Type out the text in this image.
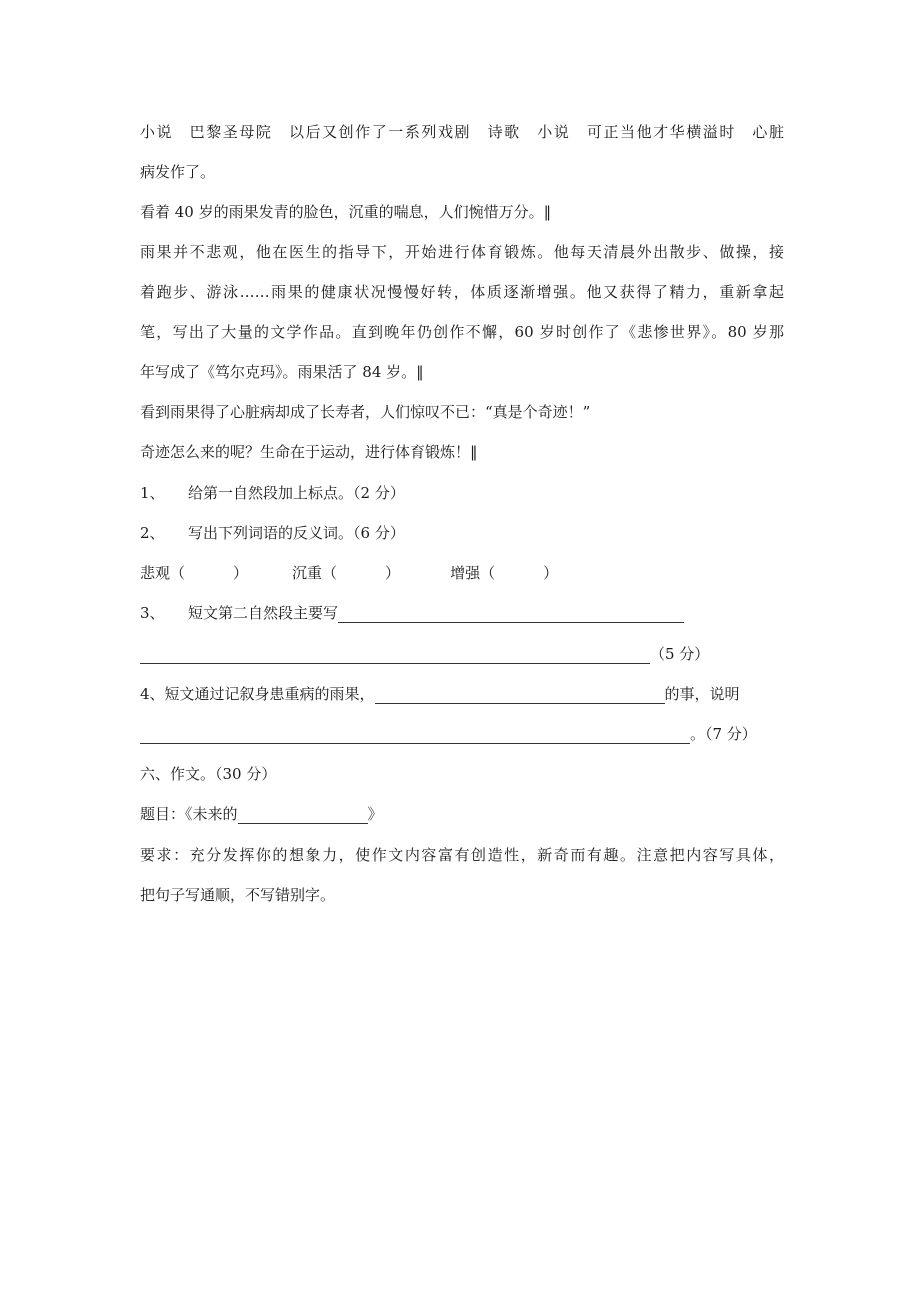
小说　巴黎圣母院　以后又创作了一系列戏剧　诗歌　小说　可正当他才华横溢时　心脏
病发作了。
看着 40 岁的雨果发青的脸色，沉重的喘息，人们惋惜万分。‖
雨果并不悲观，他在医生的指导下，开始进行体育锻炼。他每天清晨外出散步、做操，接
着跑步、游泳……雨果的健康状况慢慢好转，体质逐渐增强。他又获得了精力，重新拿起
笔，写出了大量的文学作品。直到晚年仍创作不懈，60 岁时创作了《悲惨世界》。80 岁那
年写成了《笃尔克玛》。雨果活了 84 岁。‖
看到雨果得了心脏病却成了长寿者，人们惊叹不已：“真是个奇迹！”
奇迹怎么来的呢？生命在于运动，进行体育锻炼！‖
1、 给第一自然段加上标点。（2 分）
2、 写出下列词语的反义词。（6 分）
悲观（	）	沉重（	）	增强（	）
3、 短文第二自然段主要写
（5 分）
4、短文通过记叙身患重病的雨果，	的事，说明
。（7 分）
六、作文。（30 分）
题目：《未来的	》
要求：充分发挥你的想象力，使作文内容富有创造性，新奇而有趣。注意把内容写具体，
把句子写通顺，不写错别字。
